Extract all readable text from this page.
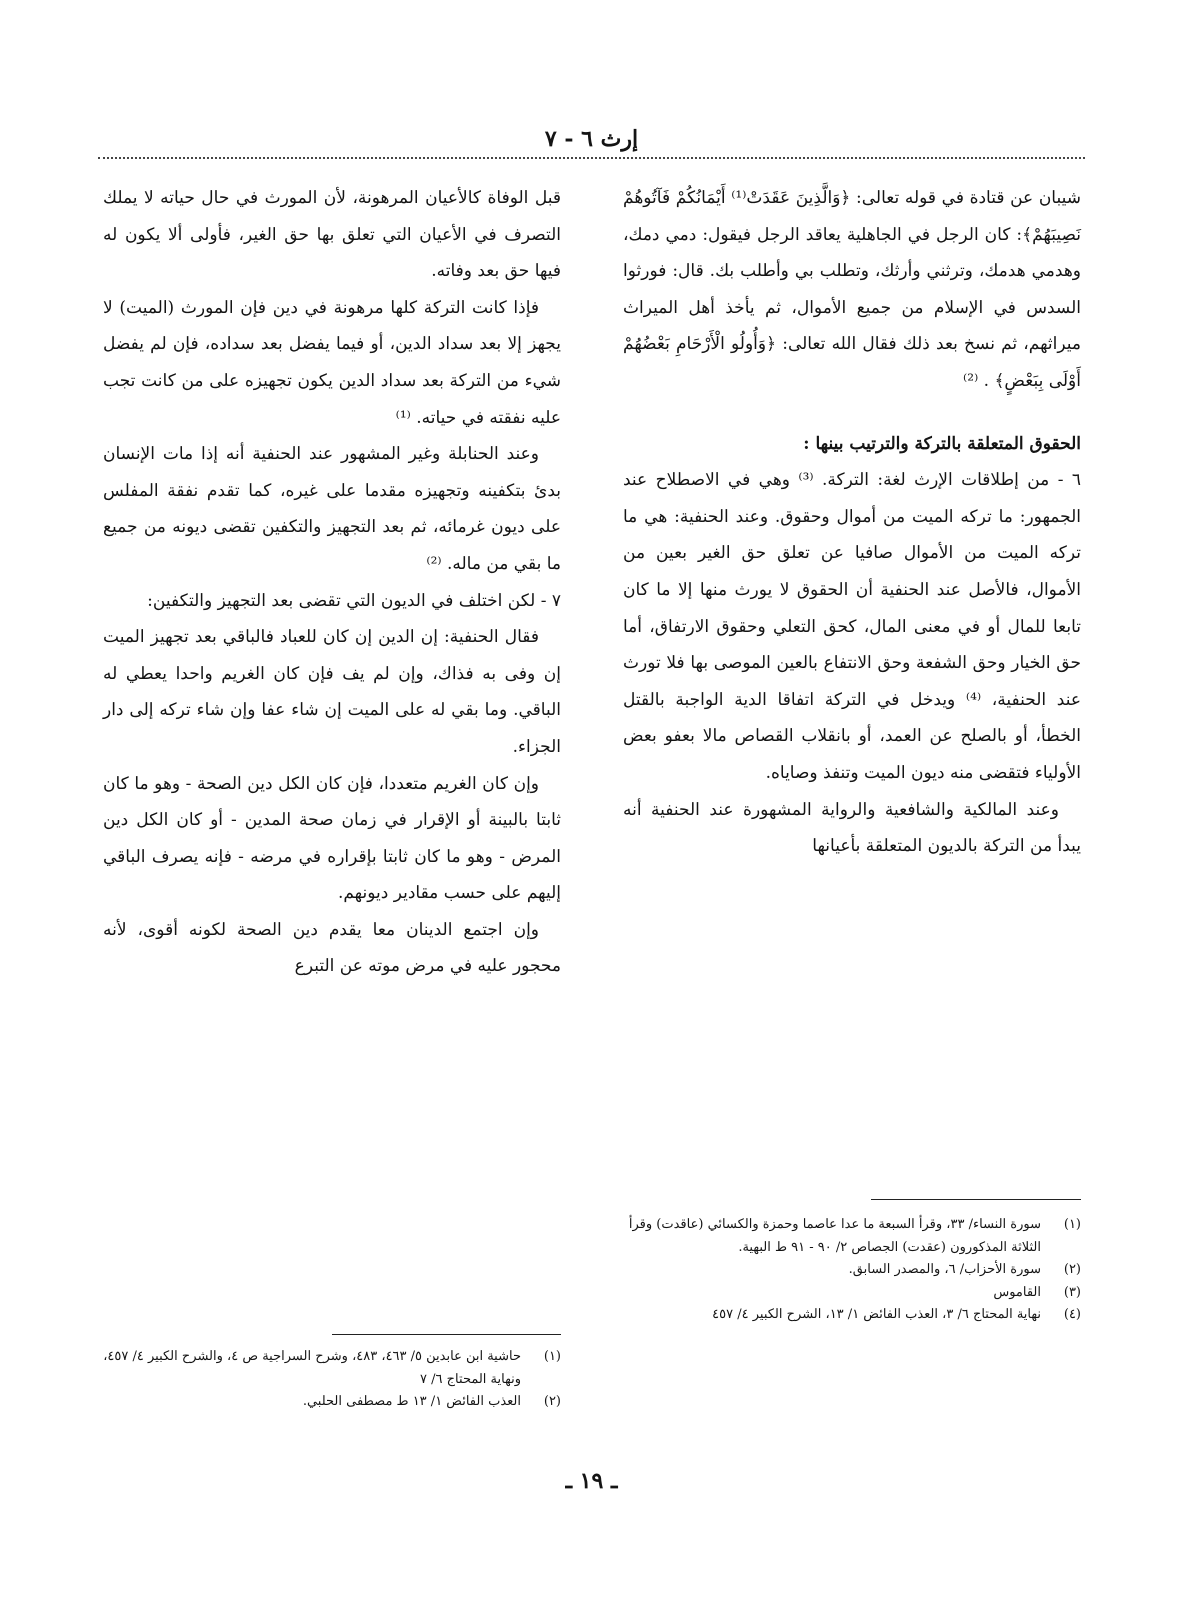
إرث ٦ - ٧

شيبان عن قتادة في قوله تعالى: ﴿وَالَّذِينَ عَقَدَتْ⁽¹⁾ أَيْمَانُكُمْ فَآتُوهُمْ نَصِيبَهُمْ﴾: كان الرجل في الجاهلية يعاقد الرجل فيقول: دمي دمك، وهدمي هدمك، وترثني وأرثك، وتطلب بي وأطلب بك. قال: فورثوا السدس في الإسلام من جميع الأموال، ثم يأخذ أهل الميراث ميراثهم، ثم نسخ بعد ذلك فقال الله تعالى: ﴿وَأُولُو الْأَرْحَامِ بَعْضُهُمْ أَوْلَى بِبَعْضٍ﴾ . ⁽²⁾

الحقوق المتعلقة بالتركة والترتيب بينها :

٦ - من إطلاقات الإرث لغة: التركة. ⁽³⁾ وهي في الاصطلاح عند الجمهور: ما تركه الميت من أموال وحقوق. وعند الحنفية: هي ما تركه الميت من الأموال صافيا عن تعلق حق الغير بعين من الأموال، فالأصل عند الحنفية أن الحقوق لا يورث منها إلا ما كان تابعا للمال أو في معنى المال، كحق التعلي وحقوق الارتفاق، أما حق الخيار وحق الشفعة وحق الانتفاع بالعين الموصى بها فلا تورث عند الحنفية، ⁽⁴⁾ ويدخل في التركة اتفاقا الدية الواجبة بالقتل الخطأ، أو بالصلح عن العمد، أو بانقلاب القصاص مالا بعفو بعض الأولياء فتقضى منه ديون الميت وتنفذ وصاياه.

وعند المالكية والشافعية والرواية المشهورة عند الحنفية أنه يبدأ من التركة بالديون المتعلقة بأعيانها

(١)
سورة النساء/ ٣٣، وقرأ السبعة ما عدا عاصما وحمزة والكسائي (عاقدت) وقرأ الثلاثة المذكورون (عقدت) الجصاص ٢/ ٩٠ - ٩١ ط البهية.
(٢)
سورة الأحزاب/ ٦، والمصدر السابق.
(٣)
القاموس
(٤)
نهاية المحتاج ٦/ ٣، العذب الفائض ١/ ١٣، الشرح الكبير ٤/ ٤٥٧

قبل الوفاة كالأعيان المرهونة، لأن المورث في حال حياته لا يملك التصرف في الأعيان التي تعلق بها حق الغير، فأولى ألا يكون له فيها حق بعد وفاته.

فإذا كانت التركة كلها مرهونة في دين فإن المورث (الميت) لا يجهز إلا بعد سداد الدين، أو فيما يفضل بعد سداده، فإن لم يفضل شيء من التركة بعد سداد الدين يكون تجهيزه على من كانت تجب عليه نفقته في حياته. ⁽¹⁾

وعند الحنابلة وغير المشهور عند الحنفية أنه إذا مات الإنسان بدئ بتكفينه وتجهيزه مقدما على غيره، كما تقدم نفقة المفلس على ديون غرمائه، ثم بعد التجهيز والتكفين تقضى ديونه من جميع ما بقي من ماله. ⁽²⁾

٧ - لكن اختلف في الديون التي تقضى بعد التجهيز والتكفين:

فقال الحنفية: إن الدين إن كان للعباد فالباقي بعد تجهيز الميت إن وفى به فذاك، وإن لم يف فإن كان الغريم واحدا يعطي له الباقي. وما بقي له على الميت إن شاء عفا وإن شاء تركه إلى دار الجزاء.

وإن كان الغريم متعددا، فإن كان الكل دين الصحة - وهو ما كان ثابتا بالبينة أو الإقرار في زمان صحة المدين - أو كان الكل دين المرض - وهو ما كان ثابتا بإقراره في مرضه - فإنه يصرف الباقي إليهم على حسب مقادير ديونهم.

وإن اجتمع الدينان معا يقدم دين الصحة لكونه أقوى، لأنه محجور عليه في مرض موته عن التبرع

(١)
حاشية ابن عابدين ٥/ ٤٦٣، ٤٨٣، وشرح السراجية ص ٤، والشرح الكبير ٤/ ٤٥٧، ونهاية المحتاج ٦/ ٧
(٢)
العذب الفائض ١/ ١٣ ط مصطفى الحلبي.
ـ ١٩ ـ
